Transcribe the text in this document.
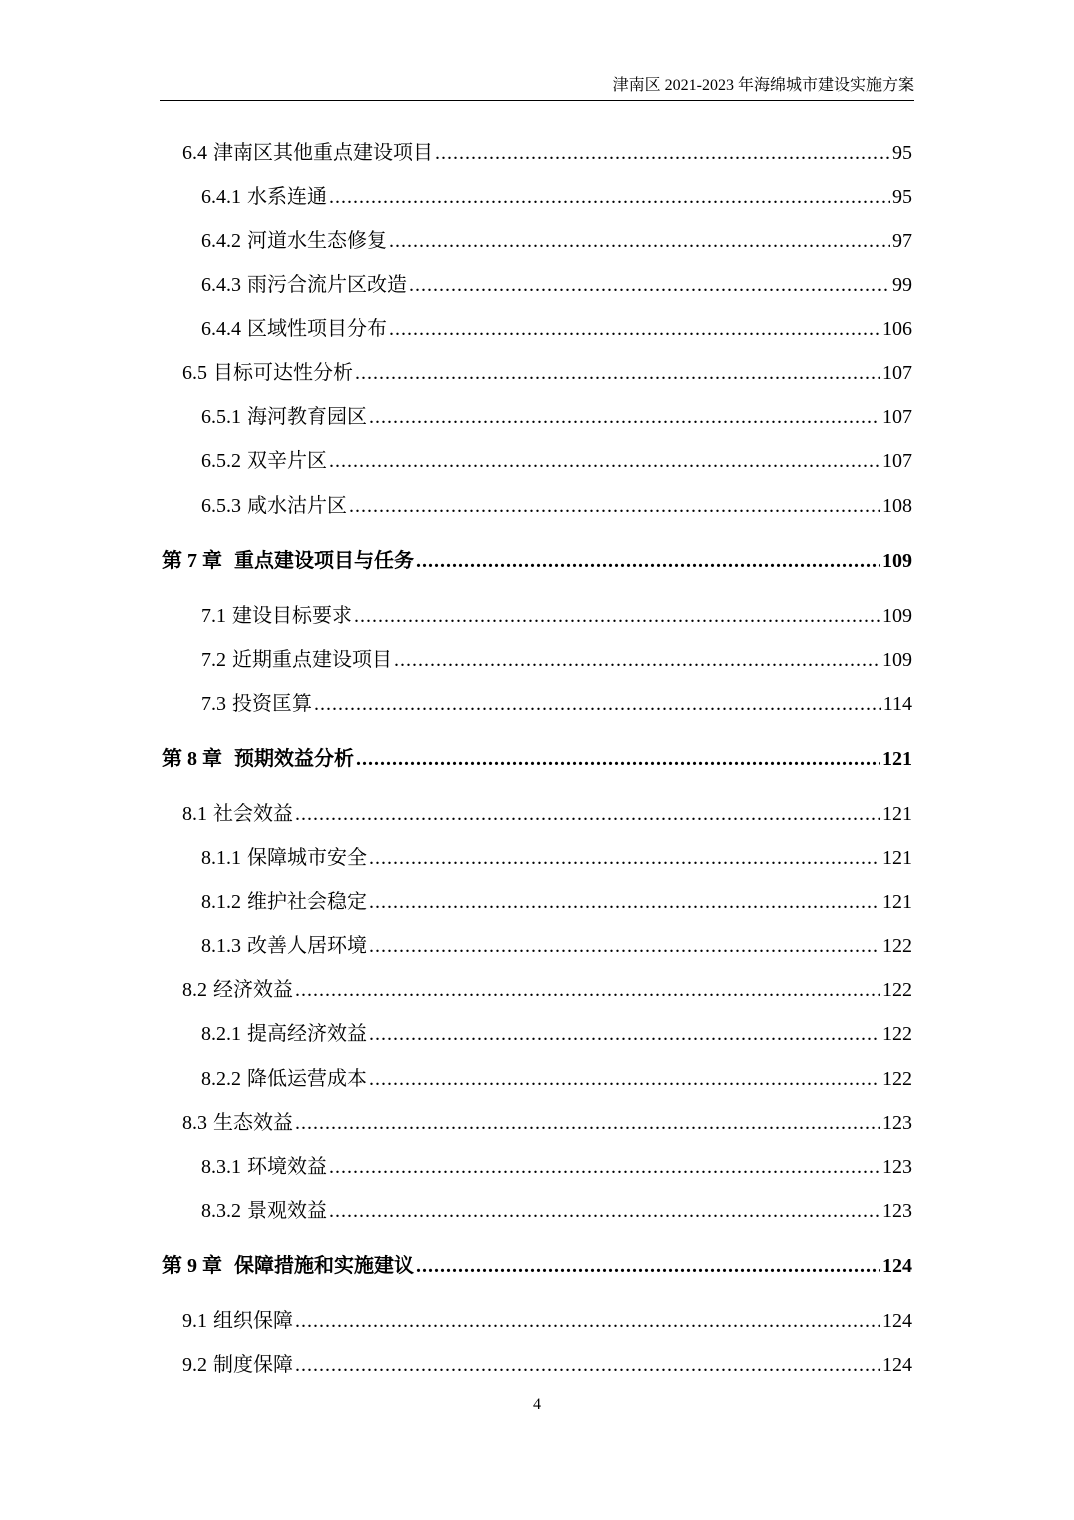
津南区 2021-2023 年海绵城市建设实施方案
6.4 津南区其他重点建设项目 .....	95
6.4.1 水系连通 .....	95
6.4.2 河道水生态修复 .....	97
6.4.3 雨污合流片区改造 .....	99
6.4.4 区域性项目分布 .....	106
6.5 目标可达性分析 .....	107
6.5.1 海河教育园区 .....	107
6.5.2 双辛片区 .....	107
6.5.3 咸水沽片区 .....	108
第 7 章 重点建设项目与任务 .....	109
7.1 建设目标要求 .....	109
7.2 近期重点建设项目 .....	109
7.3 投资匡算 .....	114
第 8 章 预期效益分析 .....	121
8.1 社会效益 .....	121
8.1.1 保障城市安全 .....	121
8.1.2 维护社会稳定 .....	121
8.1.3 改善人居环境 .....	122
8.2 经济效益 .....	122
8.2.1 提高经济效益 .....	122
8.2.2 降低运营成本 .....	122
8.3 生态效益 .....	123
8.3.1 环境效益 .....	123
8.3.2 景观效益 .....	123
第 9 章 保障措施和实施建议 .....	124
9.1 组织保障 .....	124
9.2 制度保障 .....	124
4
